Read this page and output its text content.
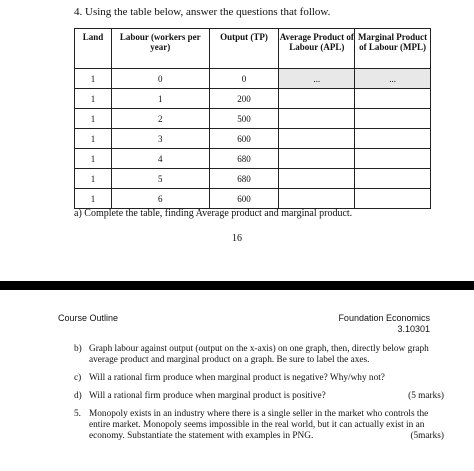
4. Using the table below, answer the questions that follow.
Land	Labour (workers per year)	Output (TP)	Average Product of Labour (APL)	Marginal Product of Labour (MPL)
1	0	0	...	...
1	1	200		
1	2	500		
1	3	600		
1	4	680		
1	5	680		
1	6	600		
a) Complete the table, finding Average product and marginal product.
16
Course Outline	Foundation Economics
3.10301
b) Graph labour against output (output on the x-axis) on one graph, then, directly below graph average product and marginal product on a graph. Be sure to label the axes.
c) Will a rational firm produce when marginal product is negative? Why/why not?
d) Will a rational firm produce when marginal product is positive?	(5 marks)
5. Monopoly exists in an industry where there is a single seller in the market who controls the entire market. Monopoly seems impossible in the real world, but it can actually exist in an economy. Substantiate the statement with examples in PNG.	(5marks)
